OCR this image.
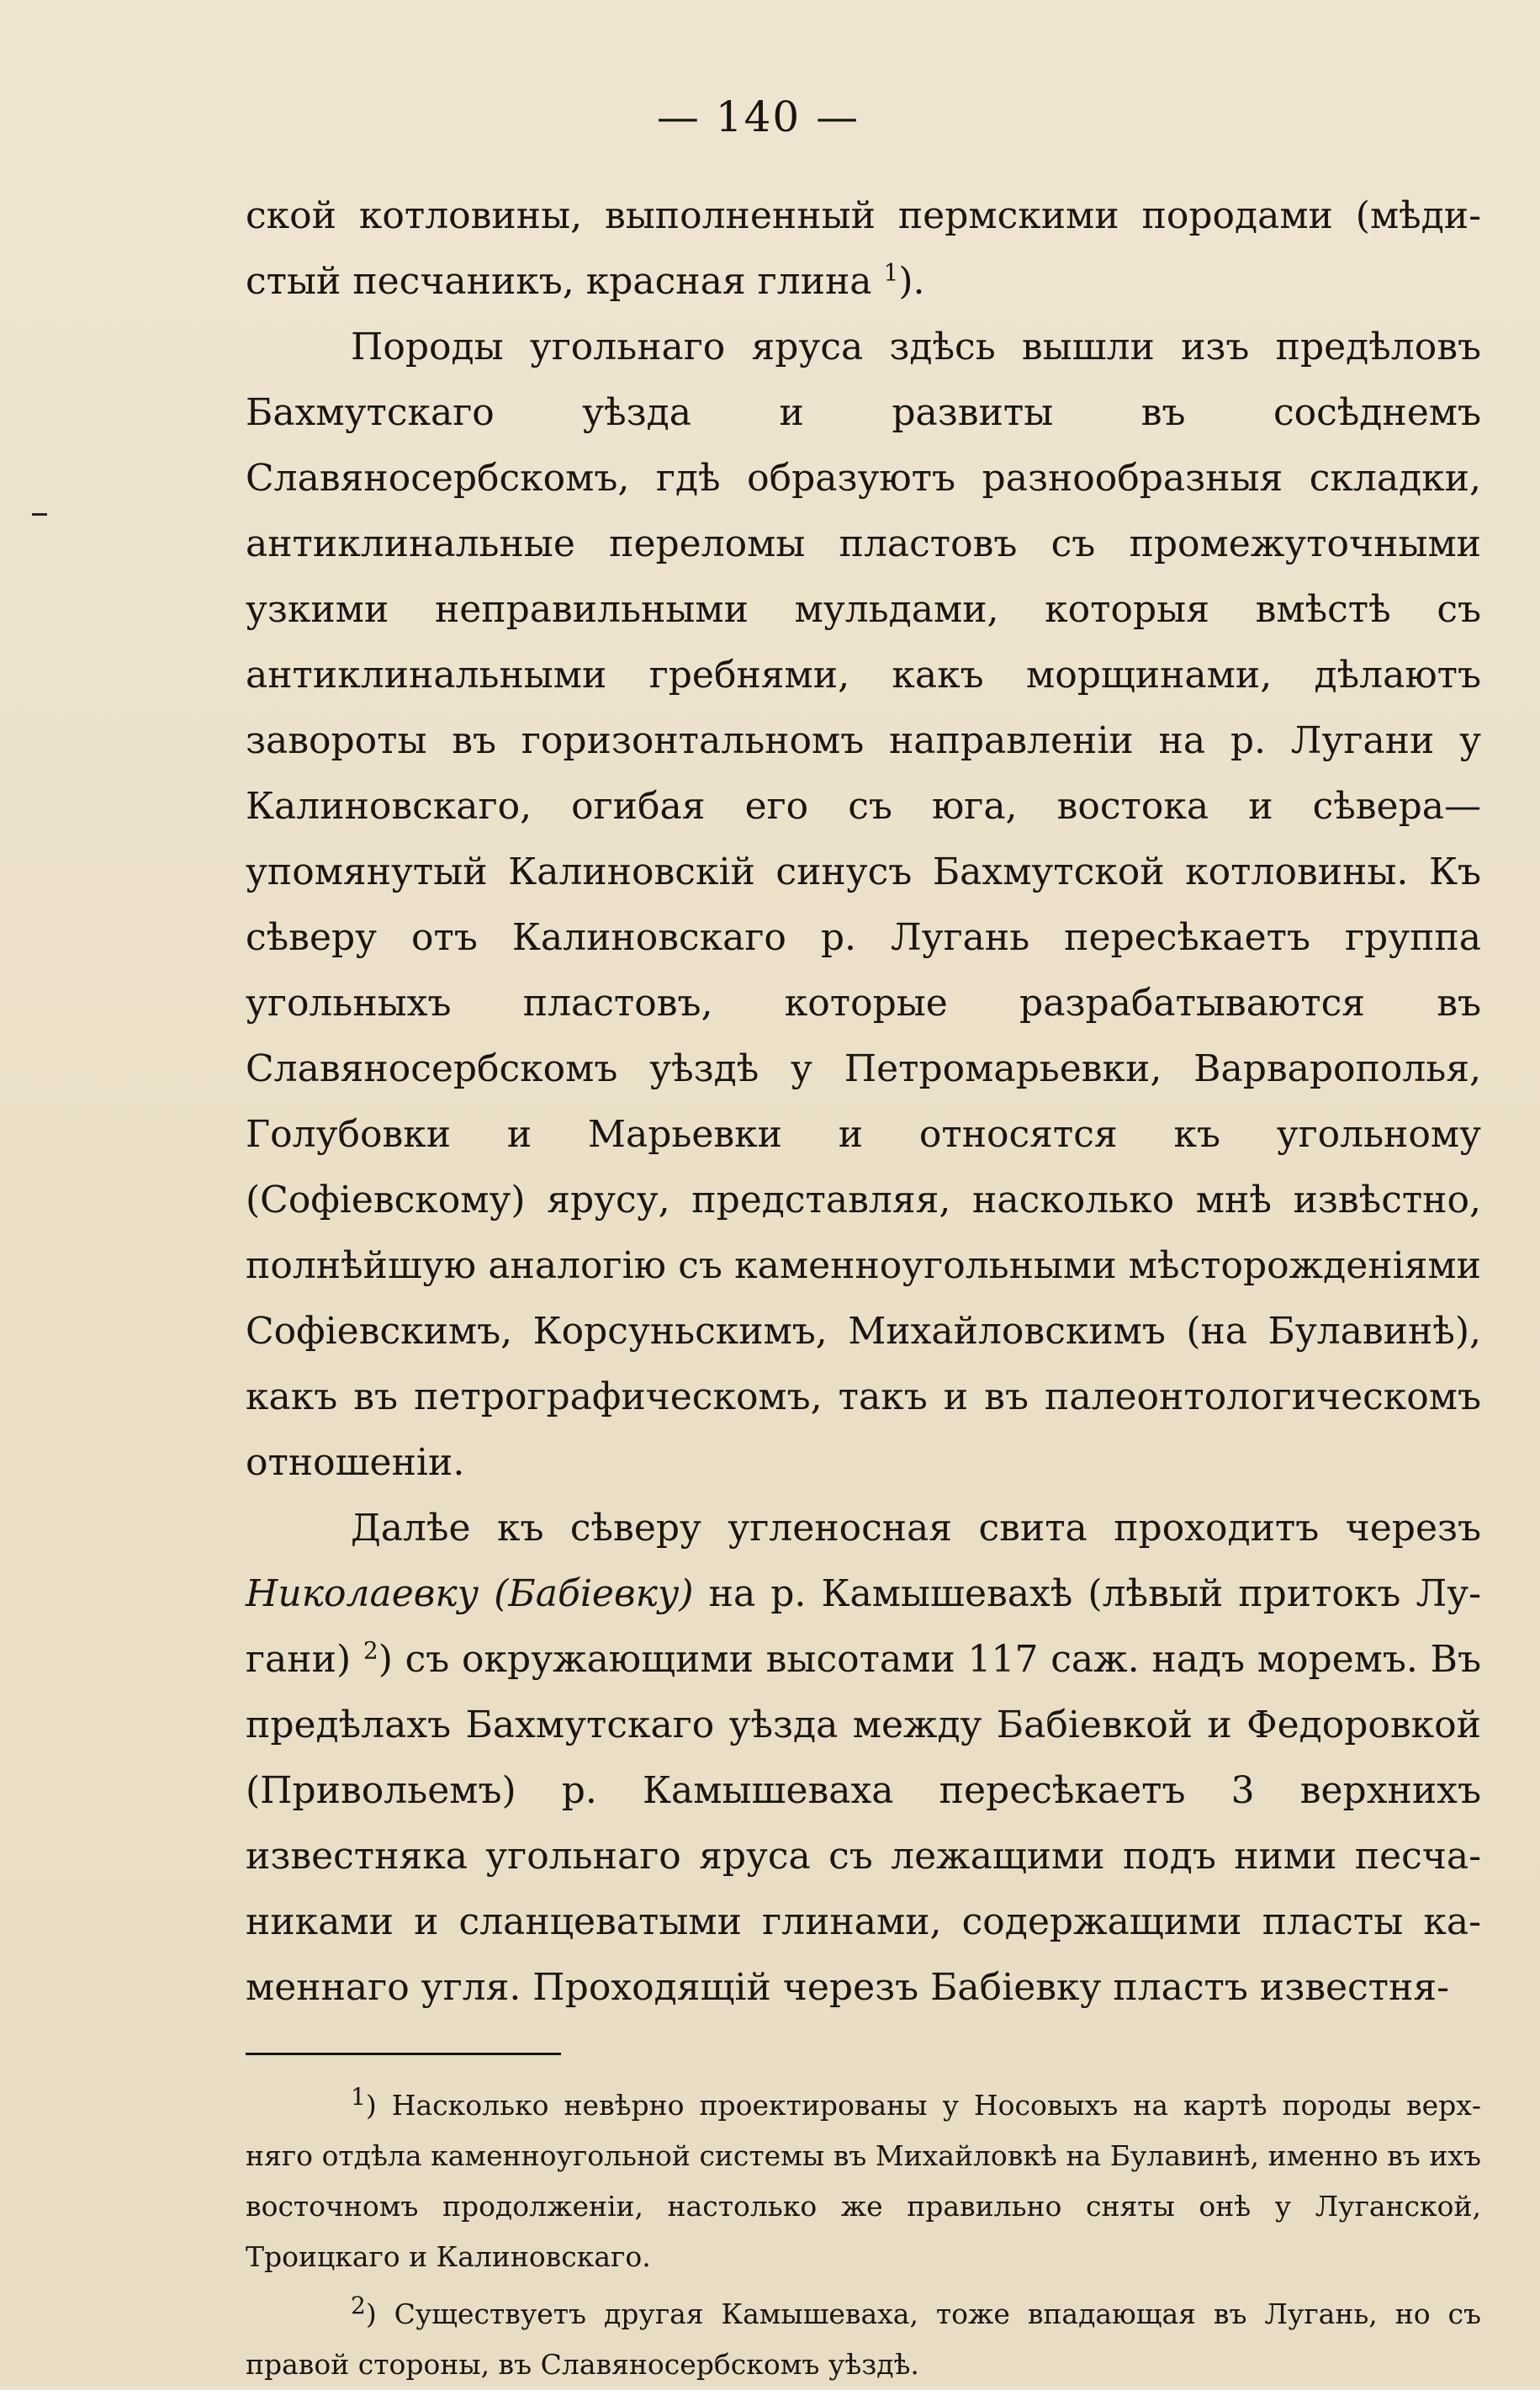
— 140 —

ской котловины, выполненный пермскими породами (мѣдистый песчаникъ, красная глина $^1$).

Породы угольнаго яруса здѣсь вышли изъ предѣловъ Бахмутскаго уѣзда и развиты въ сосѣднемъ Славяносербскомъ, гдѣ образуютъ разнообразныя складки, антиклинальные переломы пластовъ съ промежуточными узкими неправильными мульдами, которыя вмѣстѣ съ антиклинальными гребнями, какъ морщинами, дѣлаютъ завороты въ горизонтальномъ направленіи на р. Лугани у Калиновскаго, огибая его съ юга, востока и сѣвера—упомянутый Калиновскій синусъ Бахмутской котловины. Къ сѣверу отъ Калиновскаго р. Лугань пересѣкаетъ группа угольныхъ пластовъ, которые разрабатываются въ Славяносербскомъ уѣздѣ у Петромарьевки, Варварополья, Голубовки и Марьевки и относятся къ угольному (Софіевскому) ярусу, представляя, насколько мнѣ извѣстно, полнѣйшую аналогію съ каменноугольными мѣсторожденіями Софіевскимъ, Корсуньскимъ, Михайловскимъ (на Булавинѣ), какъ въ петрографическомъ, такъ и въ палеонтологическомъ отношеніи.

Далѣе къ сѣверу угленосная свита проходитъ черезъ Николаевку (Бабіевку) на р. Камышевахѣ (лѣвый притокъ Лугани) $^2$) съ окружающими высотами 117 саж. надъ моремъ. Въ предѣлахъ Бахмутскаго уѣзда между Бабіевкой и Федоровкой (Привольемъ) р. Камышеваха пересѣкаетъ 3 верхнихъ известняка угольнаго яруса съ лежащими подъ ними песчаниками и сланцеватыми глинами, содержащими пласты каменнаго угля. Проходящій черезъ Бабіевку пластъ известня-

$^1$) Насколько невѣрно проектированы у Носовыхъ на картѣ породы верхняго отдѣла каменноугольной системы въ Михайловкѣ на Булавинѣ, именно въ ихъ восточномъ продолженіи, настолько же правильно сняты онѣ у Луганской, Троицкаго и Калиновскаго.

$^2$) Существуетъ другая Камышеваха, тоже впадающая въ Лугань, но съ правой стороны, въ Славяносербскомъ уѣздѣ.
